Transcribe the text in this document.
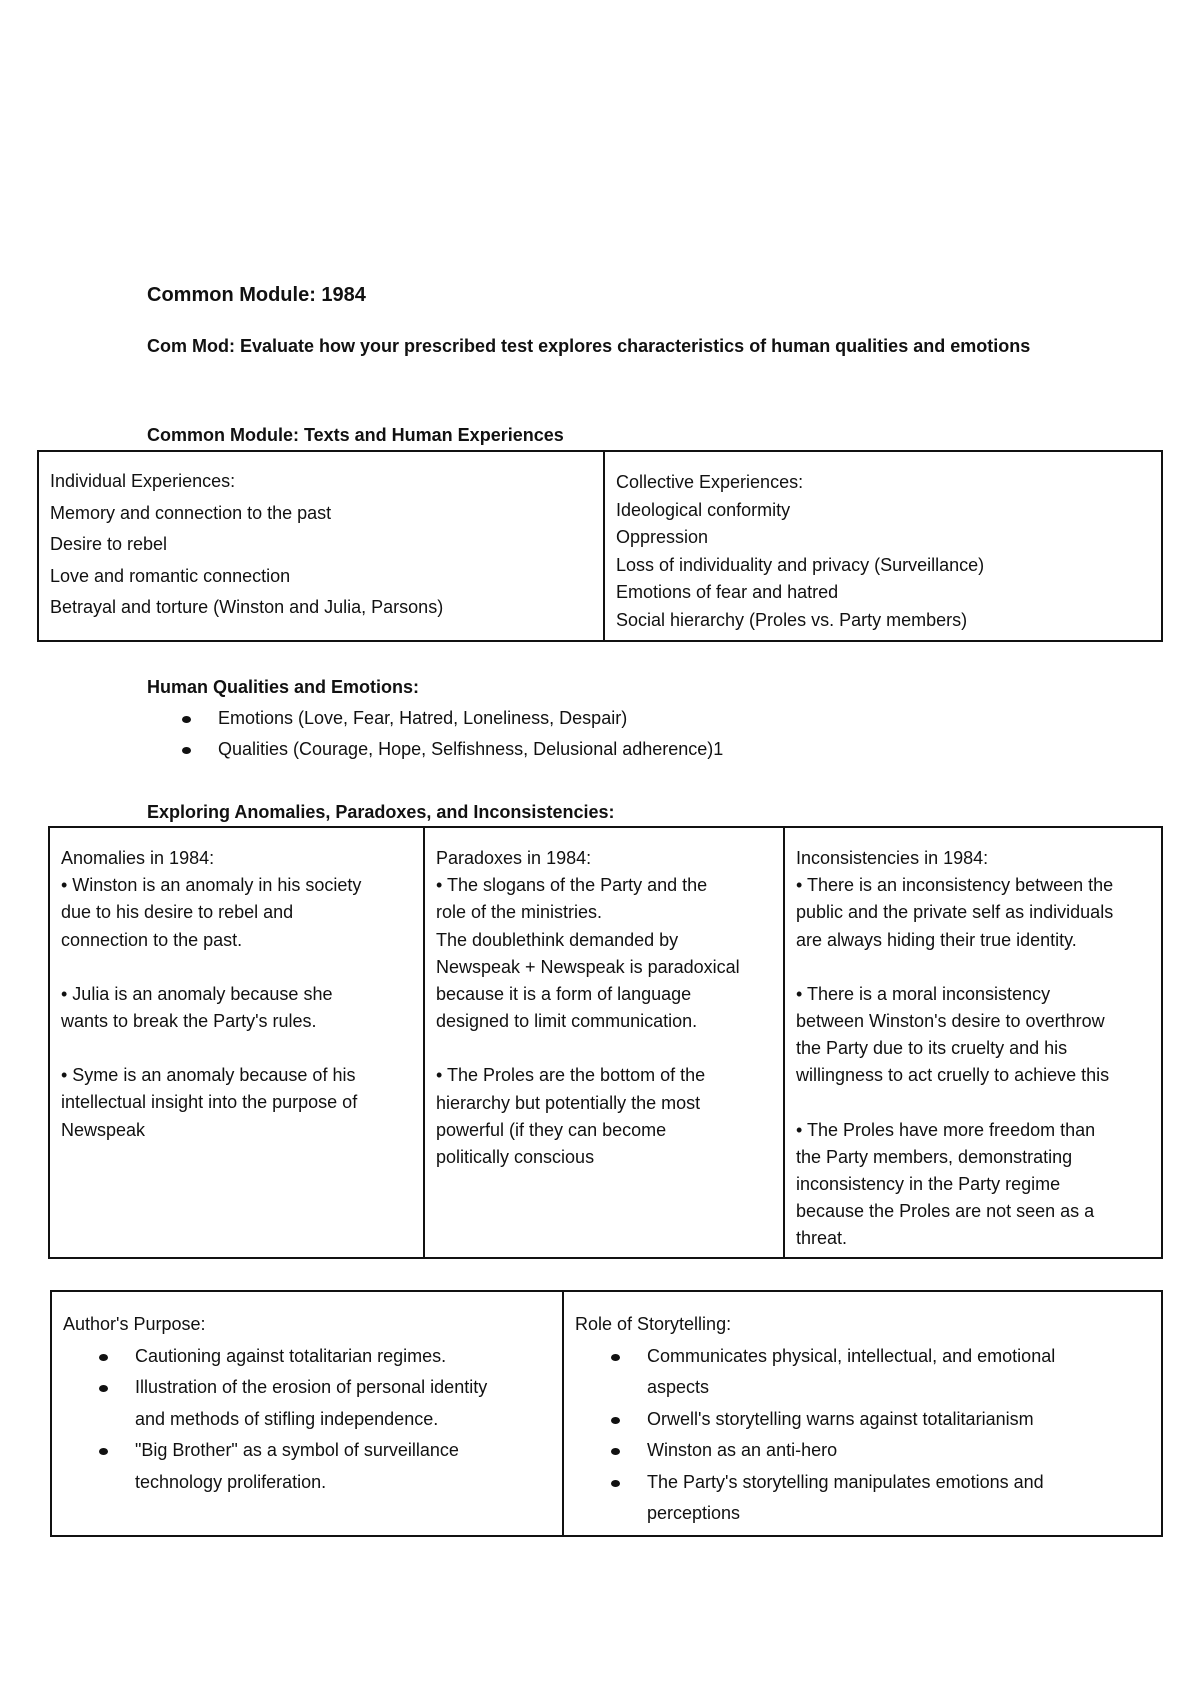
Common Module: 1984
Com Mod: Evaluate how your prescribed test explores characteristics of human qualities and emotions
Common Module: Texts and Human Experiences
Individual Experiences:
Memory and connection to the past
Desire to rebel
Love and romantic connection
Betrayal and torture (Winston and Julia, Parsons)
Collective Experiences:
Ideological conformity
Oppression
Loss of individuality and privacy (Surveillance)
Emotions of fear and hatred
Social hierarchy (Proles vs. Party members)
Human Qualities and Emotions:
Emotions (Love, Fear, Hatred, Loneliness, Despair)
Qualities (Courage, Hope, Selfishness, Delusional adherence)1
Exploring Anomalies, Paradoxes, and Inconsistencies:
Anomalies in 1984:
• Winston is an anomaly in his society
due to his desire to rebel and
connection to the past.
• Julia is an anomaly because she
wants to break the Party's rules.
• Syme is an anomaly because of his
intellectual insight into the purpose of
Newspeak
Paradoxes in 1984:
• The slogans of the Party and the
role of the ministries.
The doublethink demanded by
Newspeak + Newspeak is paradoxical
because it is a form of language
designed to limit communication.
• The Proles are the bottom of the
hierarchy but potentially the most
powerful (if they can become
politically conscious
Inconsistencies in 1984:
• There is an inconsistency between the
public and the private self as individuals
are always hiding their true identity.
• There is a moral inconsistency
between Winston's desire to overthrow
the Party due to its cruelty and his
willingness to act cruelly to achieve this
• The Proles have more freedom than
the Party members, demonstrating
inconsistency in the Party regime
because the Proles are not seen as a
threat.
Author's Purpose:
Cautioning against totalitarian regimes.
Illustration of the erosion of personal identity
and methods of stifling independence.
"Big Brother" as a symbol of surveillance
technology proliferation.
Role of Storytelling:
Communicates physical, intellectual, and emotional
aspects
Orwell's storytelling warns against totalitarianism
Winston as an anti-hero
The Party's storytelling manipulates emotions and
perceptions
